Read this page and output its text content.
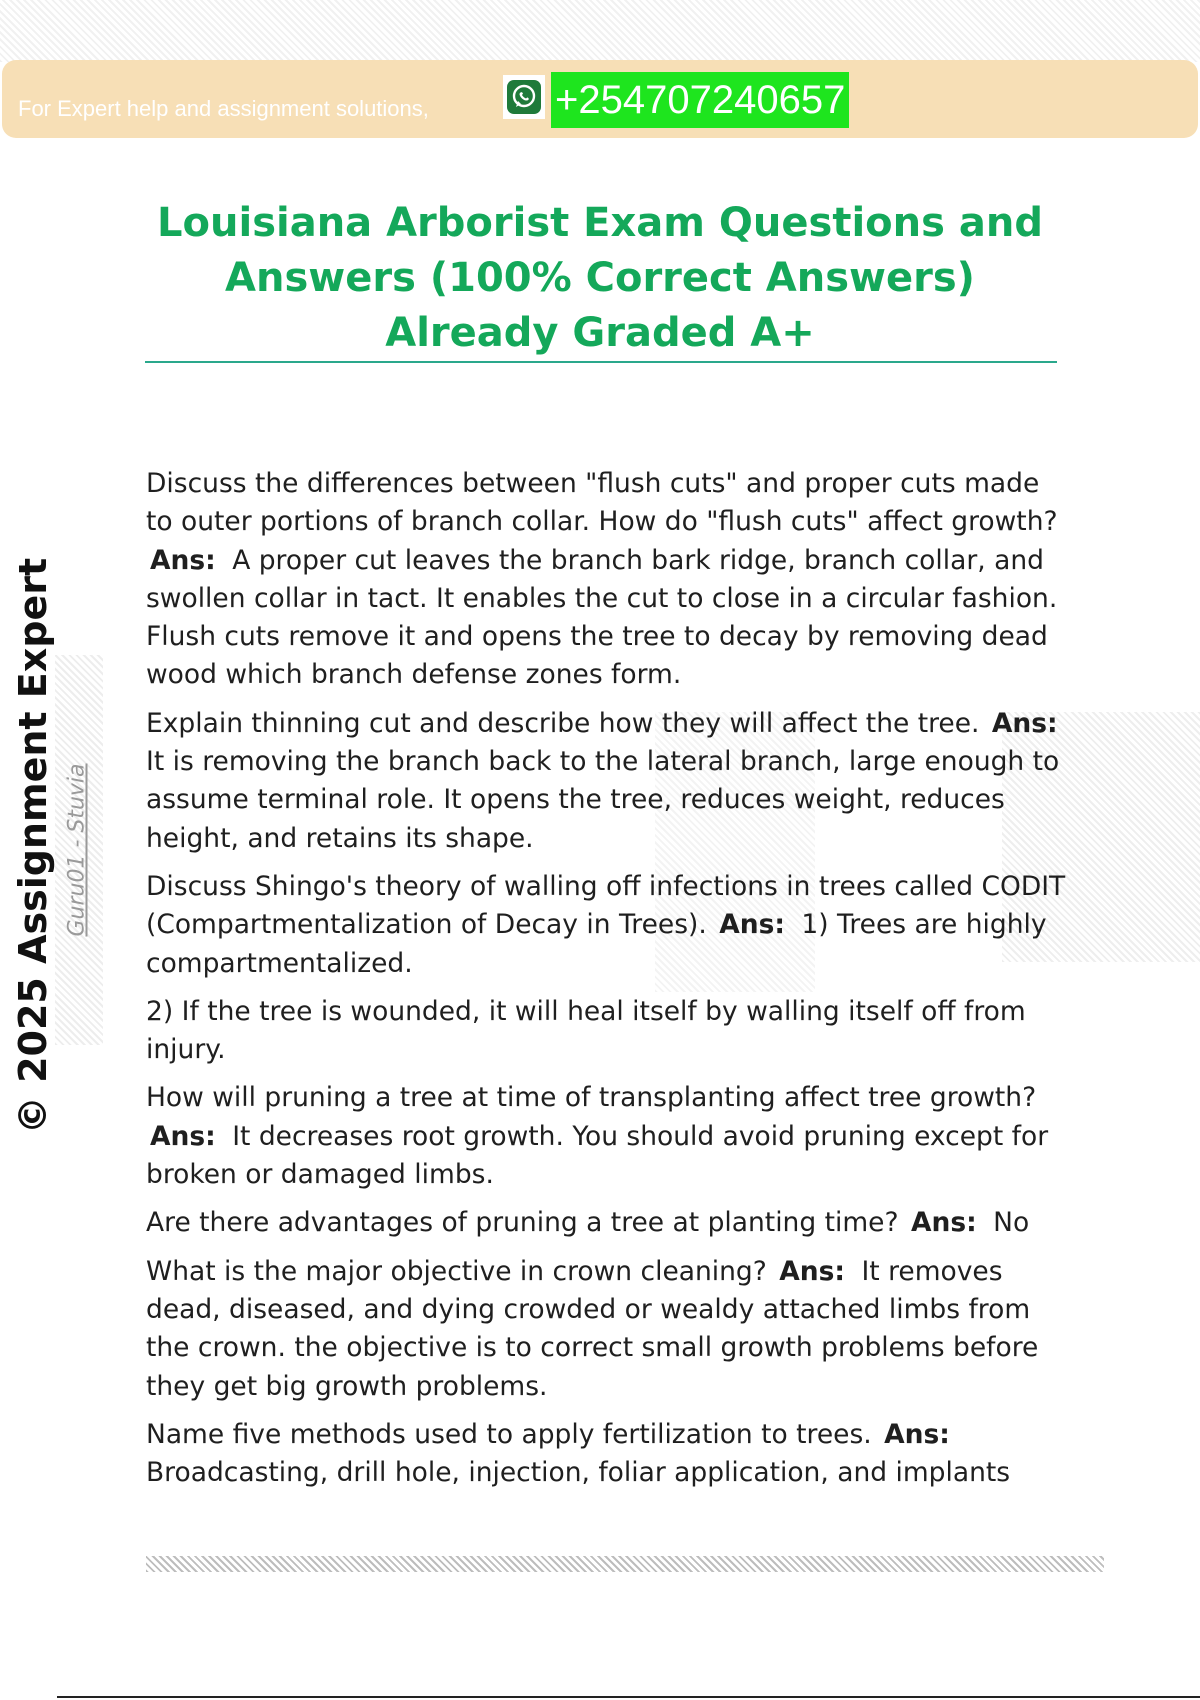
For Expert help and assignment solutions,	+254707240657
Louisiana Arborist Exam Questions and Answers (100% Correct Answers) Already Graded A+
© 2025 Assignment Expert Guru01 - Stuvia

Discuss the differences between "flush cuts" and proper cuts made to outer portions of branch collar. How do "flush cuts" affect growth? Ans: A proper cut leaves the branch bark ridge, branch collar, and swollen collar in tact. It enables the cut to close in a circular fashion. Flush cuts remove it and opens the tree to decay by removing dead wood which branch defense zones form.

Explain thinning cut and describe how they will affect the tree. Ans: It is removing the branch back to the lateral branch, large enough to assume terminal role. It opens the tree, reduces weight, reduces height, and retains its shape.

Discuss Shingo's theory of walling off infections in trees called CODIT (Compartmentalization of Decay in Trees). Ans: 1) Trees are highly compartmentalized.

2) If the tree is wounded, it will heal itself by walling itself off from injury.

How will pruning a tree at time of transplanting affect tree growth? Ans: It decreases root growth. You should avoid pruning except for broken or damaged limbs.

Are there advantages of pruning a tree at planting time? Ans: No

What is the major objective in crown cleaning? Ans: It removes dead, diseased, and dying crowded or wealdy attached limbs from the crown. the objective is to correct small growth problems before they get big growth problems.

Name five methods used to apply fertilization to trees. Ans: Broadcasting, drill hole, injection, foliar application, and implants
